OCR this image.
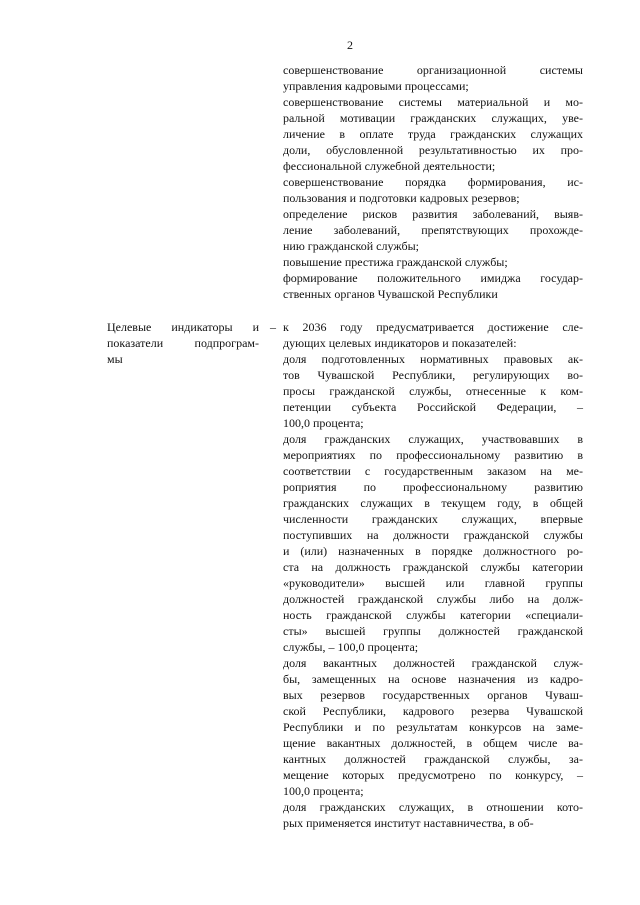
2

совершенствование организационной системы

управления кадровыми процессами;

совершенствование системы материальной и мо-

ральной мотивации гражданских служащих, уве-

личение в оплате труда гражданских служащих

доли, обусловленной результативностью их про-

фессиональной служебной деятельности;

совершенствование порядка формирования, ис-

пользования и подготовки кадровых резервов;

определение рисков развития заболеваний, выяв-

ление заболеваний, препятствующих прохожде-

нию гражданской службы;

повышение престижа гражданской службы;

формирование положительного имиджа государ-

ственных органов Чувашской Республики

Целевые индикаторы и

показатели подпрограм-

мы

– к 2036 году предусматривается достижение сле-

дующих целевых индикаторов и показателей:

доля подготовленных нормативных правовых ак-

тов Чувашской Республики, регулирующих во-

просы гражданской службы, отнесенные к ком-

петенции субъекта Российской Федерации, –

100,0 процента;

доля гражданских служащих, участвовавших в

мероприятиях по профессиональному развитию в

соответствии с государственным заказом на ме-

роприятия по профессиональному развитию

гражданских служащих в текущем году, в общей

численности гражданских служащих, впервые

поступивших на должности гражданской службы

и (или) назначенных в порядке должностного ро-

ста на должность гражданской службы категории

«руководители» высшей или главной группы

должностей гражданской службы либо на долж-

ность гражданской службы категории «специали-

сты» высшей группы должностей гражданской

службы, – 100,0 процента;

доля вакантных должностей гражданской служ-

бы, замещенных на основе назначения из кадро-

вых резервов государственных органов Чуваш-

ской Республики, кадрового резерва Чувашской

Республики и по результатам конкурсов на заме-

щение вакантных должностей, в общем числе ва-

кантных должностей гражданской службы, за-

мещение которых предусмотрено по конкурсу, –

100,0 процента;

доля гражданских служащих, в отношении кото-

рых применяется институт наставничества, в об-
